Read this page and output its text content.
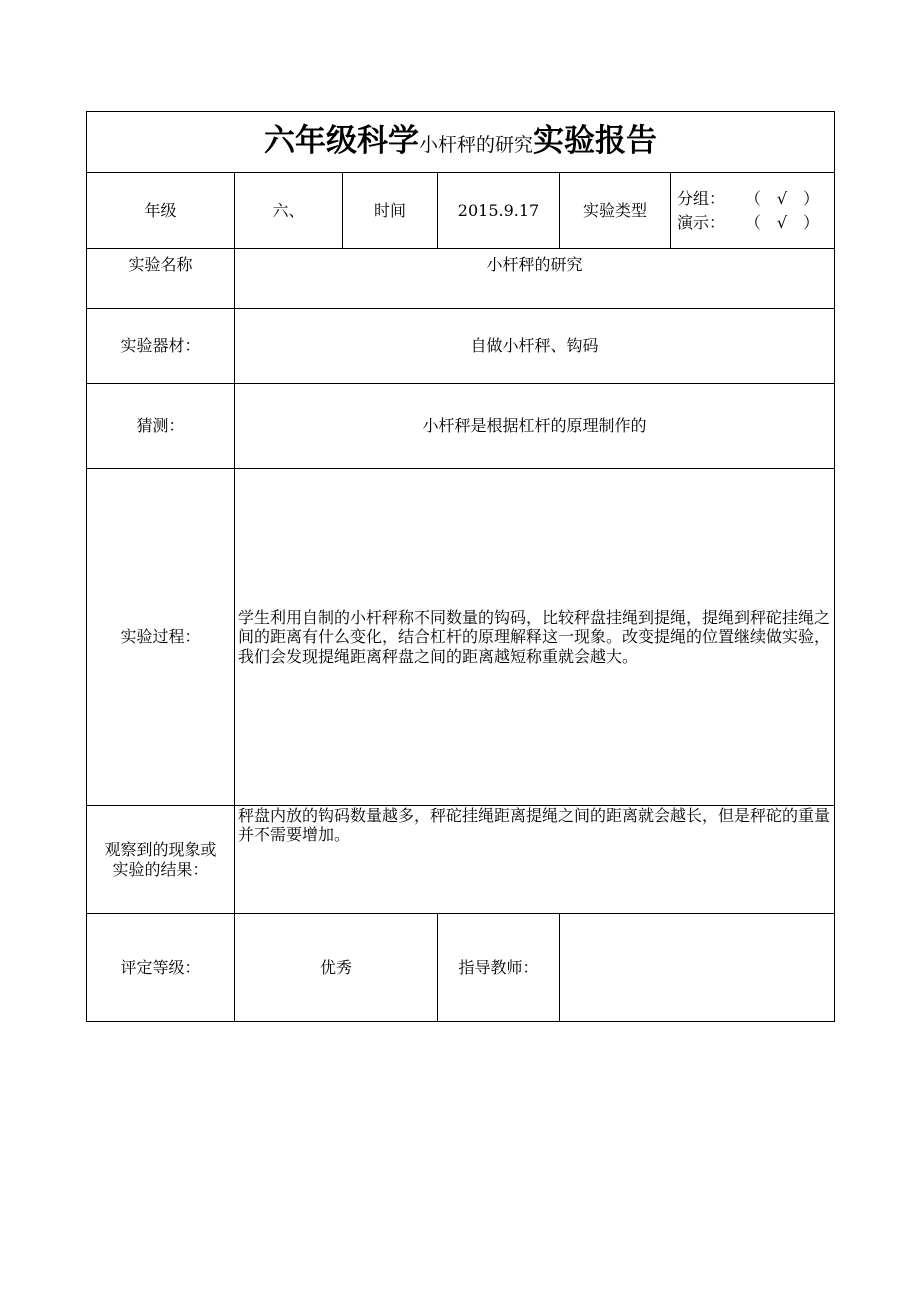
六年级科学小杆秤的研究实验报告					
年级	六、	时间	2015.9.17	实验类型	分组： （　√　）
演示： （　√　）

实验名称	小杆秤的研究				
实验器材：	自做小杆秤、钩码				
猜测：	小杆秤是根据杠杆的原理制作的				
实验过程：	学生利用自制的小杆秤称不同数量的钩码，比较秤盘挂绳到提绳，提绳到秤砣挂绳之间的距离有什么变化，结合杠杆的原理解释这一现象。改变提绳的位置继续做实验，我们会发现提绳距离秤盘之间的距离越短称重就会越大。				
观察到的现象或
实验的结果：	秤盘内放的钩码数量越多，秤砣挂绳距离提绳之间的距离就会越长，但是秤砣的重量并不需要增加。				
评定等级：	优秀		指导教师：		
